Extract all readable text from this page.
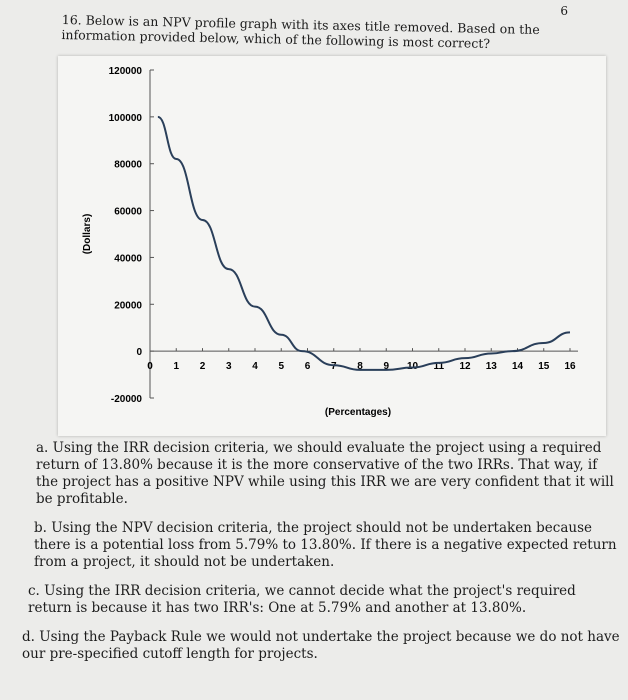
6
16. Below is an NPV profile graph with its axes title removed. Based on the information provided below, which of the following is most correct?
120000
100000
80000
60000
40000
20000
0
-20000
0 1 2 3 4 5 6 7 8 9 10 11 12 13 14 15 16
(Dollars)
(Percentages)
a. Using the IRR decision criteria, we should evaluate the project using a required return of 13.80% because it is the more conservative of the two IRRs. That way, if the project has a positive NPV while using this IRR we are very confident that it will be profitable.
b. Using the NPV decision criteria, the project should not be undertaken because there is a potential loss from 5.79% to 13.80%. If there is a negative expected return from a project, it should not be undertaken.
c. Using the IRR decision criteria, we cannot decide what the project's required return is because it has two IRR's: One at 5.79% and another at 13.80%.
d. Using the Payback Rule we would not undertake the project because we do not have our pre-specified cutoff length for projects.
